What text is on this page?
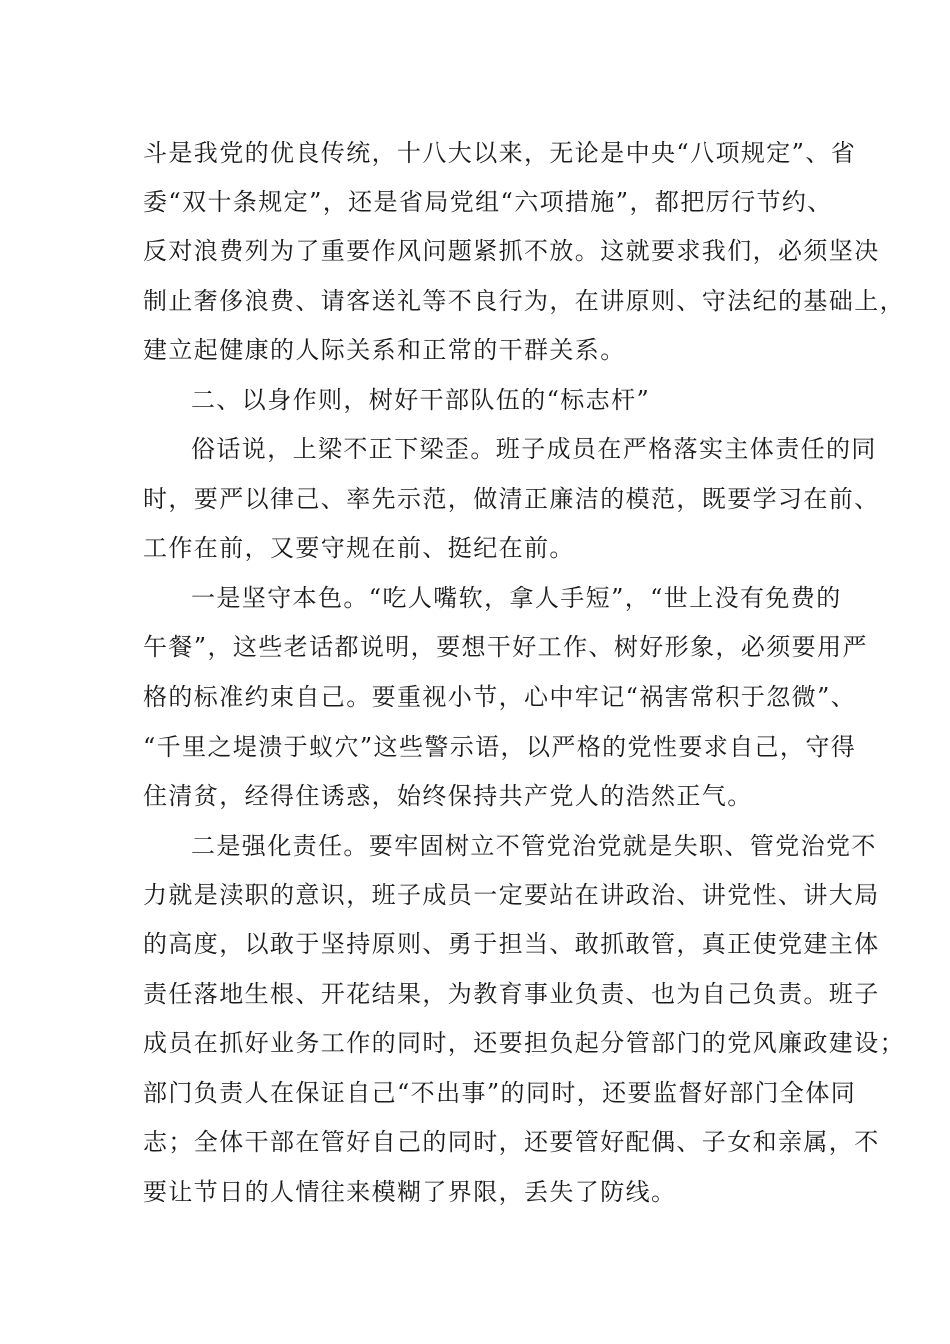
斗是我党的优良传统，十八大以来，无论是中央“八项规定”、省
委“双十条规定”，还是省局党组“六项措施”，都把厉行节约、
反对浪费列为了重要作风问题紧抓不放。这就要求我们，必须坚决
制止奢侈浪费、请客送礼等不良行为，在讲原则、守法纪的基础上，
建立起健康的人际关系和正常的干群关系。
二、以身作则，树好干部队伍的“标志杆”
俗话说，上梁不正下梁歪。班子成员在严格落实主体责任的同
时，要严以律己、率先示范，做清正廉洁的模范，既要学习在前、
工作在前，又要守规在前、挺纪在前。
一是坚守本色。“吃人嘴软，拿人手短”，“世上没有免费的
午餐”，这些老话都说明，要想干好工作、树好形象，必须要用严
格的标准约束自己。要重视小节，心中牢记“祸害常积于忽微”、
“千里之堤溃于蚁穴”这些警示语，以严格的党性要求自己，守得
住清贫，经得住诱惑，始终保持共产党人的浩然正气。
二是强化责任。要牢固树立不管党治党就是失职、管党治党不
力就是渎职的意识，班子成员一定要站在讲政治、讲党性、讲大局
的高度，以敢于坚持原则、勇于担当、敢抓敢管，真正使党建主体
责任落地生根、开花结果，为教育事业负责、也为自己负责。班子
成员在抓好业务工作的同时，还要担负起分管部门的党风廉政建设；
部门负责人在保证自己“不出事”的同时，还要监督好部门全体同
志；全体干部在管好自己的同时，还要管好配偶、子女和亲属，不
要让节日的人情往来模糊了界限，丢失了防线。
